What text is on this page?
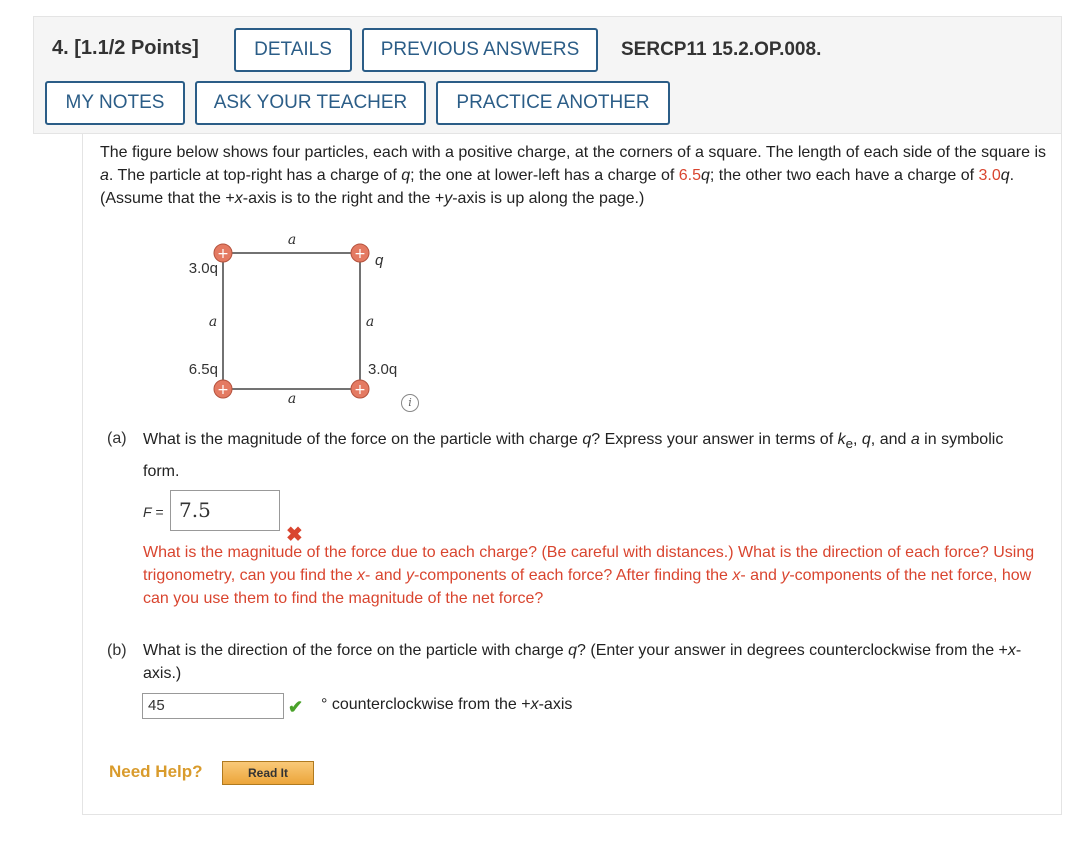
4. [1.1/2 Points]	DETAILS	PREVIOUS ANSWERS	SERCP11 15.2.OP.008.
MY NOTES	ASK YOUR TEACHER	PRACTICE ANOTHER
The figure below shows four particles, each with a positive charge, at the corners of a square. The length of each side of the square is a. The particle at top-right has a charge of q; the one at lower-left has a charge of 6.5q; the other two each have a charge of 3.0q. (Assume that the +x-axis is to the right and the +y-axis is up along the page.)
+	+
+	+
a
a
a	a
3.0q	q
6.5q	3.0q
i
(a) What is the magnitude of the force on the particle with charge q? Express your answer in terms of $k_e$, q, and a in symbolic form.
F = 7.5
✖
What is the magnitude of the force due to each charge? (Be careful with distances.) What is the direction of each force? Using trigonometry, can you find the x- and y-components of each force? After finding the x- and y-components of the net force, how can you use them to find the magnitude of the net force?
(b) What is the direction of the force on the particle with charge q? (Enter your answer in degrees counterclockwise from the +x-axis.)
45	✔ ° counterclockwise from the +x-axis
Need Help?	Read It
